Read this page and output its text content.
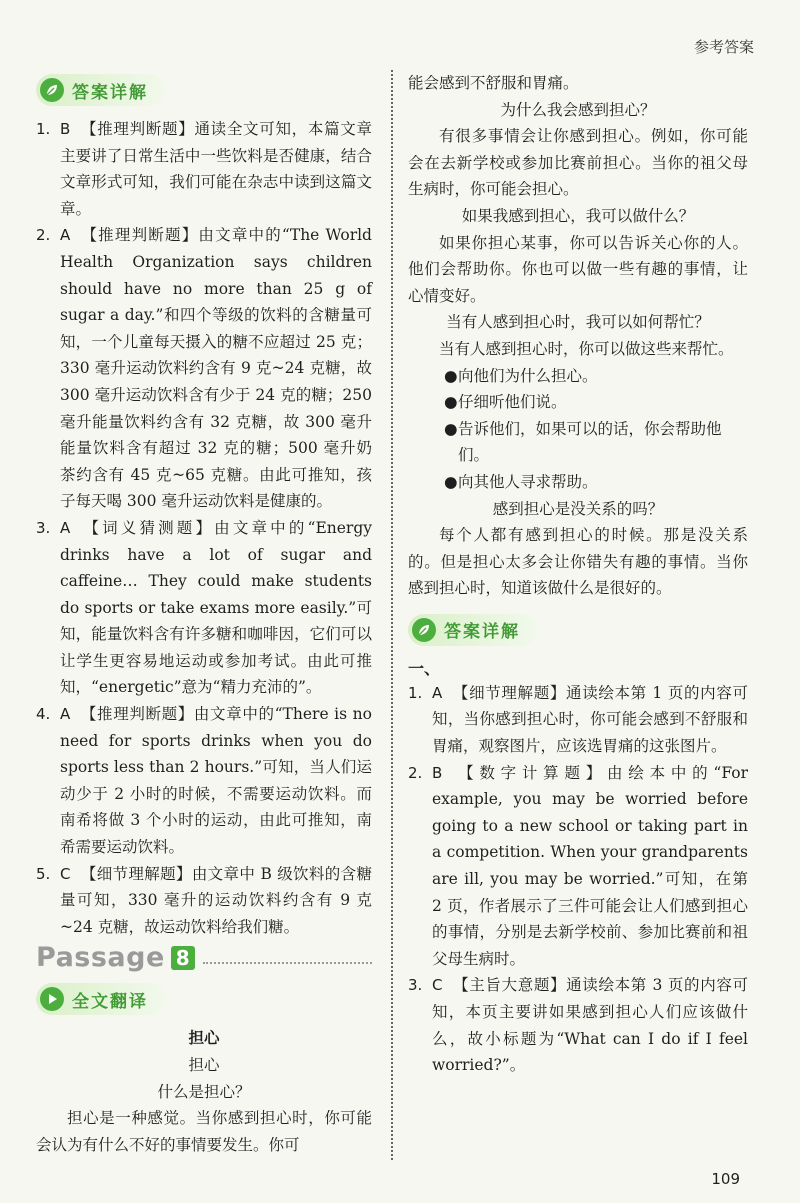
参考答案
答案详解
1. B 【推理判断题】通读全文可知，本篇文章主要讲了日常生活中一些饮料是否健康，结合文章形式可知，我们可能在杂志中读到这篇文章。
2. A 【推理判断题】由文章中的“The World Health Organization says children should have no more than 25 g of sugar a day.”和四个等级的饮料的含糖量可知，一个儿童每天摄入的糖不应超过 25 克；330 毫升运动饮料约含有 9 克~24 克糖，故 300 毫升运动饮料含有少于 24 克的糖；250 毫升能量饮料约含有 32 克糖，故 300 毫升能量饮料含有超过 32 克的糖；500 毫升奶茶约含有 45 克~65 克糖。由此可推知，孩子每天喝 300 毫升运动饮料是健康的。
3. A 【词义猜测题】由文章中的“Energy drinks have a lot of sugar and caffeine… They could make students do sports or take exams more easily.”可知，能量饮料含有许多糖和咖啡因，它们可以让学生更容易地运动或参加考试。由此可推知，“energetic”意为“精力充沛的”。
4. A 【推理判断题】由文章中的“There is no need for sports drinks when you do sports less than 2 hours.”可知，当人们运动少于 2 小时的时候，不需要运动饮料。而南希将做 3 个小时的运动，由此可推知，南希需要运动饮料。
5. C 【细节理解题】由文章中 B 级饮料的含糖量可知，330 毫升的运动饮料约含有 9 克~24 克糖，故运动饮料给我们糖。
Passage 8
全文翻译
担心
担心
什么是担心？

担心是一种感觉。当你感到担心时，你可能会认为有什么不好的事情要发生。你可

能会感到不舒服和胃痛。

为什么我会感到担心？

有很多事情会让你感到担心。例如，你可能会在去新学校或参加比赛前担心。当你的祖父母生病时，你可能会担心。

如果我感到担心，我可以做什么？

如果你担心某事，你可以告诉关心你的人。他们会帮助你。你也可以做一些有趣的事情，让心情变好。

当有人感到担心时，我可以如何帮忙？

当有人感到担心时，你可以做这些来帮忙。

● 向他们为什么担心。
● 仔细听他们说。
● 告诉他们，如果可以的话，你会帮助他们。
● 向其他人寻求帮助。
感到担心是没关系的吗？

每个人都有感到担心的时候。那是没关系的。但是担心太多会让你错失有趣的事情。当你感到担心时，知道该做什么是很好的。

答案详解
一、
1. A 【细节理解题】通读绘本第 1 页的内容可知，当你感到担心时，你可能会感到不舒服和胃痛，观察图片，应该选胃痛的这张图片。
2. B 【数字计算题】由绘本中的“For example, you may be worried before going to a new school or taking part in a competition. When your grandparents are ill, you may be worried.”可知，在第 2 页，作者展示了三件可能会让人们感到担心的事情，分别是去新学校前、参加比赛前和祖父母生病时。
3. C 【主旨大意题】通读绘本第 3 页的内容可知，本页主要讲如果感到担心人们应该做什么，故小标题为“What can I do if I feel worried?”。
109
